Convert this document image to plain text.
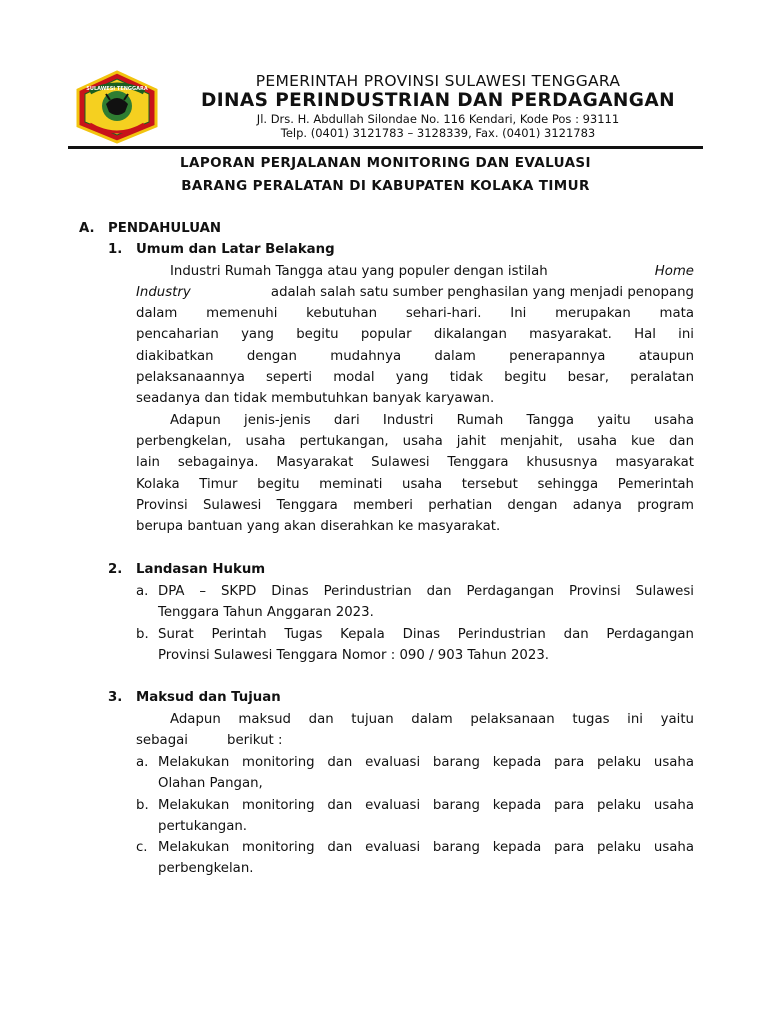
SULAWESI TENGGARA	PEMERINTAH PROVINSI SULAWESI TENGGARA
DINAS PERINDUSTRIAN DAN PERDAGANGAN
Jl. Drs. H. Abdullah Silondae No. 116 Kendari, Kode Pos : 93111
Telp. (0401) 3121783 – 3128339, Fax. (0401) 3121783
LAPORAN PERJALANAN MONITORING DAN EVALUASI
BARANG PERALATAN DI KABUPATEN KOLAKA TIMUR
A. PENDAHULUAN
1. Umum dan Latar Belakang
Industri Rumah Tangga atau yang populer dengan istilah	Home
Industry	adalah salah satu sumber penghasilan yang menjadi penopang
dalam memenuhi kebutuhan sehari-hari. Ini merupakan mata
pencaharian yang begitu popular dikalangan masyarakat. Hal ini
diakibatkan dengan mudahnya dalam penerapannya ataupun
pelaksanaannya seperti modal yang tidak begitu besar, peralatan
seadanya dan tidak membutuhkan banyak karyawan.
Adapun jenis-jenis dari Industri Rumah Tangga yaitu usaha
perbengkelan, usaha pertukangan, usaha jahit menjahit, usaha kue dan
lain sebagainya. Masyarakat Sulawesi Tenggara khususnya masyarakat
Kolaka Timur begitu meminati usaha tersebut sehingga Pemerintah
Provinsi Sulawesi Tenggara memberi perhatian dengan adanya program
berupa bantuan yang akan diserahkan ke masyarakat.
2. Landasan Hukum
a. DPA – SKPD Dinas Perindustrian dan Perdagangan Provinsi Sulawesi
Tenggara Tahun Anggaran 2023.
b. Surat Perintah Tugas Kepala Dinas Perindustrian dan Perdagangan
Provinsi Sulawesi Tenggara Nomor : 090 / 903 Tahun 2023.
3. Maksud dan Tujuan
Adapun maksud dan tujuan dalam pelaksanaan tugas ini yaitu
sebagai	berikut :
a. Melakukan monitoring dan evaluasi barang kepada para pelaku usaha
Olahan Pangan,
b. Melakukan monitoring dan evaluasi barang kepada para pelaku usaha
pertukangan.
c. Melakukan monitoring dan evaluasi barang kepada para pelaku usaha
perbengkelan.
